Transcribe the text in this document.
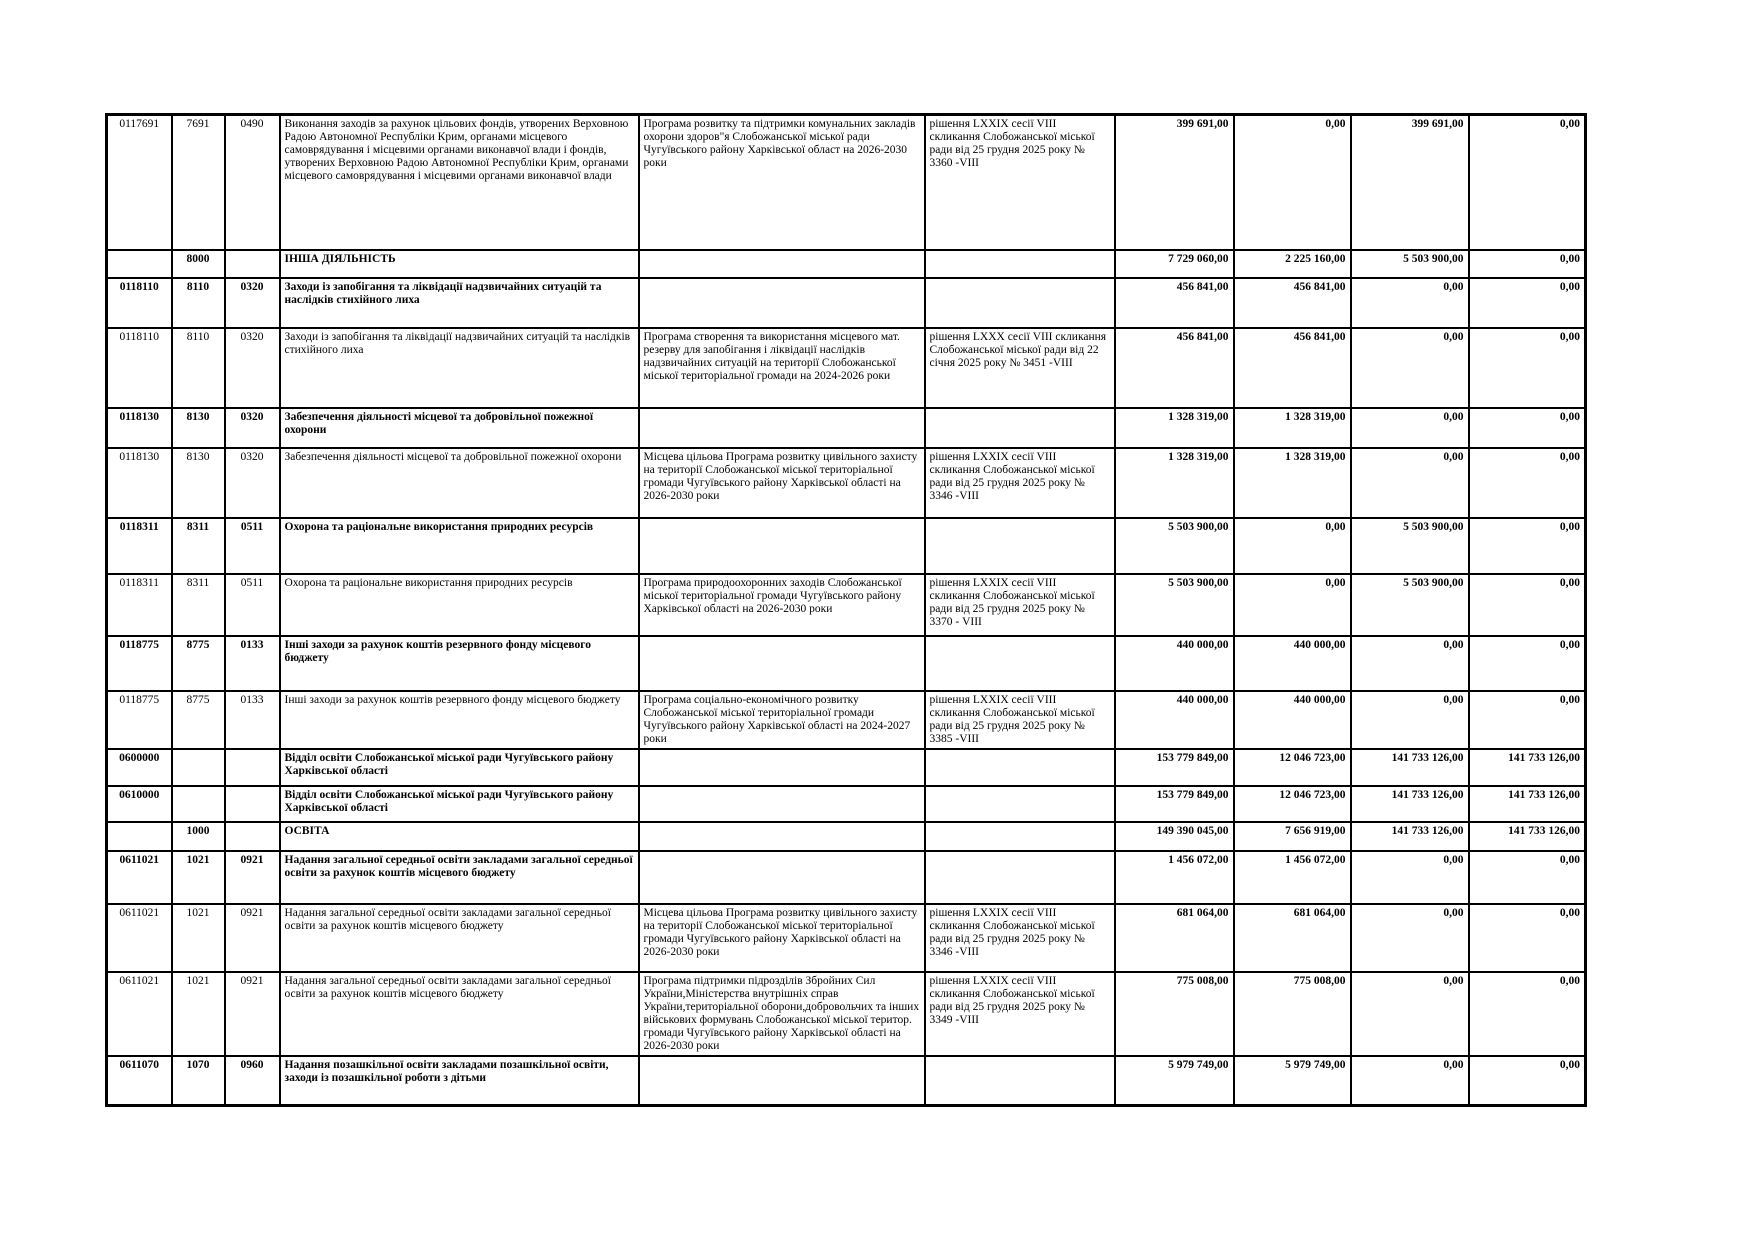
0117691	7691	0490	Виконання заходів за рахунок цільових фондів, утворених Верховною Радою Автономної Республіки Крим, органами місцевого самоврядування і місцевими органами виконавчої влади і фондів, утворених Верховною Радою Автономної Республіки Крим, органами місцевого самоврядування і місцевими органами виконавчої влади	Програма розвитку та підтримки комунальних закладів охорони здоров"я Слобожанської міської ради Чугуївського району Харківської област на 2026-2030 роки	рішення LXXIX сесії VIII скликання Слобожанської міської ради від 25 грудня 2025 року № 3360 -VIII	399 691,00	0,00	399 691,00	0,00
	8000		ІНША ДІЯЛЬНІСТЬ			7 729 060,00	2 225 160,00	5 503 900,00	0,00
0118110	8110	0320	Заходи із запобігання та ліквідації надзвичайних ситуацій та наслідків стихійного лиха			456 841,00	456 841,00	0,00	0,00
0118110	8110	0320	Заходи із запобігання та ліквідації надзвичайних ситуацій та наслідків стихійного лиха	Програма створення та використання місцевого мат. резерву для запобігання і ліквідації наслідків надзвичайних ситуацій на території Слобожанської міської територіальної громади на 2024-2026 роки	рішення LXXX сесії VIII скликання Слобожанської міської ради від 22 січня 2025 року № 3451 -VIII	456 841,00	456 841,00	0,00	0,00
0118130	8130	0320	Забезпечення діяльності місцевої та добровільної пожежної охорони			1 328 319,00	1 328 319,00	0,00	0,00
0118130	8130	0320	Забезпечення діяльності місцевої та добровільної пожежної охорони	Місцева цільова Програма розвитку цивільного захисту на території Слобожанської міської територіальної громади Чугуївського району Харківської області на 2026-2030 роки	рішення LXXIX сесії VIII скликання Слобожанської міської ради від 25 грудня 2025 року № 3346 -VIII	1 328 319,00	1 328 319,00	0,00	0,00
0118311	8311	0511	Охорона та раціональне використання природних ресурсів			5 503 900,00	0,00	5 503 900,00	0,00
0118311	8311	0511	Охорона та раціональне використання природних ресурсів	Програма природоохоронних заходів Слобожанської міської територіальної громади Чугуївського району Харківської області на 2026-2030 роки	рішення LXXIX сесії VIII скликання Слобожанської міської ради від 25 грудня 2025 року № 3370 - VIII	5 503 900,00	0,00	5 503 900,00	0,00
0118775	8775	0133	Інші заходи за рахунок коштів резервного фонду місцевого бюджету			440 000,00	440 000,00	0,00	0,00
0118775	8775	0133	Інші заходи за рахунок коштів резервного фонду місцевого бюджету	Програма соціально-економічного розвитку Слобожанської міської територіальної громади Чугуївського району Харківської області на 2024-2027 роки	рішення LXXIX сесії VIII скликання Слобожанської міської ради від 25 грудня 2025 року № 3385 -VIII	440 000,00	440 000,00	0,00	0,00
0600000			Відділ освіти Слобожанської міської ради Чугуївського району Харківської області			153 779 849,00	12 046 723,00	141 733 126,00	141 733 126,00
0610000			Відділ освіти Слобожанської міської ради Чугуївського району Харківської області			153 779 849,00	12 046 723,00	141 733 126,00	141 733 126,00
	1000		ОСВІТА			149 390 045,00	7 656 919,00	141 733 126,00	141 733 126,00
0611021	1021	0921	Надання загальної середньої освіти закладами загальної середньої освіти за рахунок коштів місцевого бюджету			1 456 072,00	1 456 072,00	0,00	0,00
0611021	1021	0921	Надання загальної середньої освіти закладами загальної середньої освіти за рахунок коштів місцевого бюджету	Місцева цільова Програма розвитку цивільного захисту на території Слобожанської міської територіальної громади Чугуївського району Харківської області на 2026-2030 роки	рішення LXXIX сесії VIII скликання Слобожанської міської ради від 25 грудня 2025 року № 3346 -VIII	681 064,00	681 064,00	0,00	0,00
0611021	1021	0921	Надання загальної середньої освіти закладами загальної середньої освіти за рахунок коштів місцевого бюджету	Програма підтримки підрозділів Збройних Сил України,Міністерства внутрішніх справ України,територіальної оборони,добровольчих та інших військових формувань Слобожанської міської територ. громади Чугуївського району Харківської області на 2026-2030 роки	рішення LXXIX сесії VIII скликання Слобожанської міської ради від 25 грудня 2025 року № 3349 -VIII	775 008,00	775 008,00	0,00	0,00
0611070	1070	0960	Надання позашкільної освіти закладами позашкільної освіти, заходи із позашкільної роботи з дітьми			5 979 749,00	5 979 749,00	0,00	0,00
